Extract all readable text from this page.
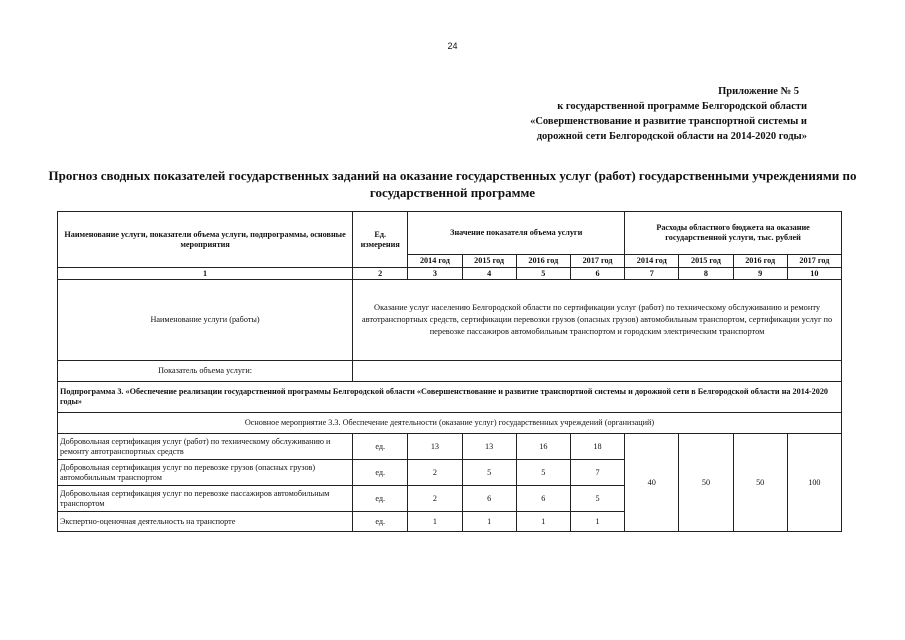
24
Приложение № 5
к государственной программе Белгородской области
«Совершенствование и развитие транспортной системы и
дорожной сети Белгородской области на 2014-2020 годы»
Прогноз сводных показателей государственных заданий на оказание государственных услуг (работ) государственными учреждениями по государственной программе
Наименование услуги, показатели объема услуги, подпрограммы, основные мероприятия	Ед. измерения	Значение показателя объема услуги				Расходы областного бюджета на оказание государственной услуги, тыс. рублей			
		2014 год	2015 год	2016 год	2017 год	2014 год	2015 год	2016 год	2017 год
1	2	3	4	5	6	7	8	9	10
Наименование услуги (работы)	Оказание услуг населению Белгородской области по сертификации услуг (работ) по техническому обслуживанию и ремонту автотранспортных средств, сертификации перевозки грузов (опасных грузов) автомобильным транспортом, сертификации услуг по перевозке пассажиров автомобильным транспортом и городским электрическим транспортом								
Показатель объема услуги:									
Подпрограмма 3. «Обеспечение реализации государственной программы Белгородской области «Совершенствование и развитие транспортной системы и дорожной сети в Белгородской области на 2014-2020 годы»									
Основное мероприятие 3.3. Обеспечение деятельности (оказание услуг) государственных учреждений (организаций)									
Добровольная сертификация услуг (работ) по техническому обслуживанию и ремонту автотранспортных средств	ед.	13	13	16	18	40	50	50	100
Добровольная сертификация услуг по перевозке грузов (опасных грузов) автомобильным транспортом	ед.	2	5	5	7				
Добровольная сертификация услуг по перевозке пассажиров автомобильным транспортом	ед.	2	6	6	5				
Экспертно-оценочная деятельность на транспорте	ед.	1	1	1	1				
